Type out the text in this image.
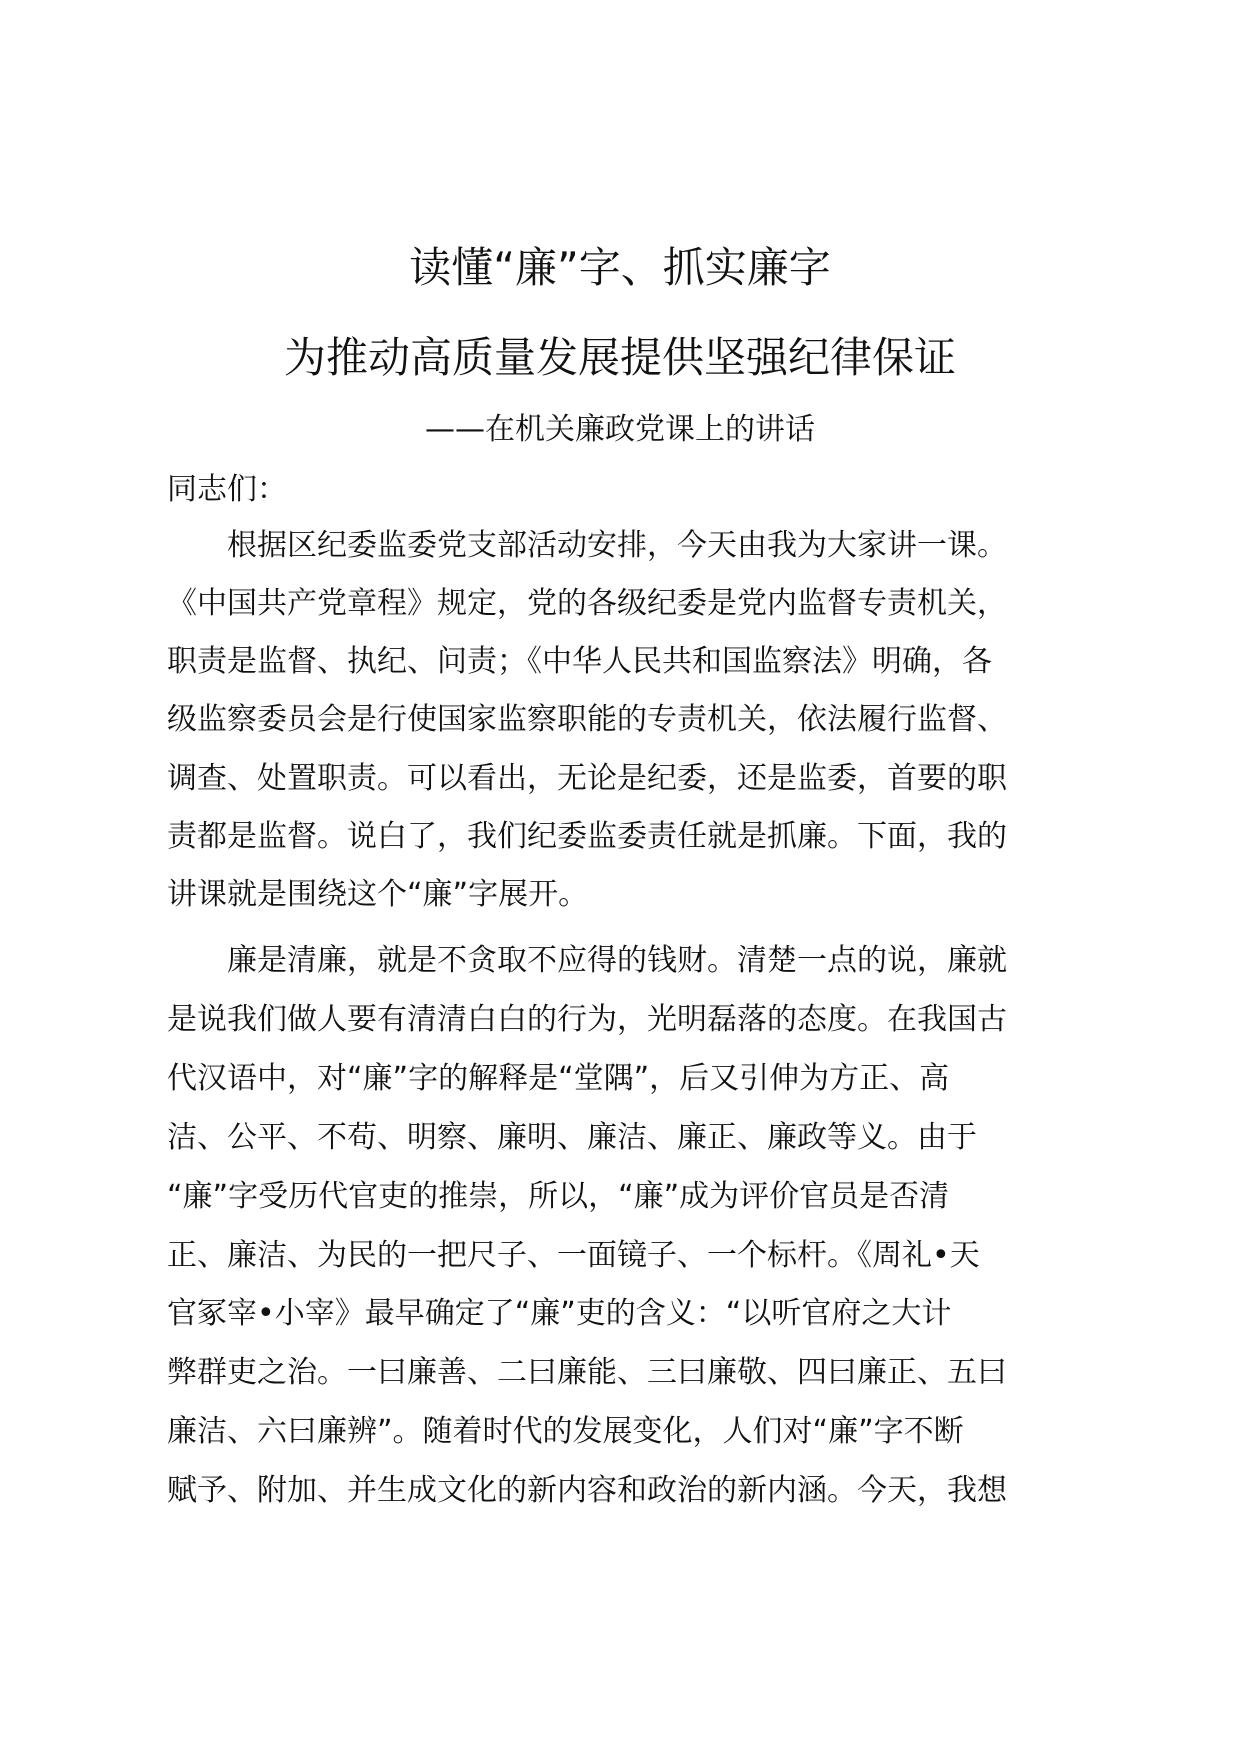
读懂“廉”字、抓实廉字
为推动高质量发展提供坚强纪律保证
——在机关廉政党课上的讲话
同志们：
　　根据区纪委监委党支部活动安排，今天由我为大家讲一课。
《中国共产党章程》规定，党的各级纪委是党内监督专责机关，
职责是监督、执纪、问责；《中华人民共和国监察法》明确，各
级监察委员会是行使国家监察职能的专责机关，依法履行监督、
调查、处置职责。可以看出，无论是纪委，还是监委，首要的职
责都是监督。说白了，我们纪委监委责任就是抓廉。下面，我的
讲课就是围绕这个“廉”字展开。
　　廉是清廉，就是不贪取不应得的钱财。清楚一点的说，廉就
是说我们做人要有清清白白的行为，光明磊落的态度。在我国古
代汉语中，对“廉”字的解释是“堂隅”，后又引伸为方正、高
洁、公平、不苟、明察、廉明、廉洁、廉正、廉政等义。由于
“廉”字受历代官吏的推崇，所以，“廉”成为评价官员是否清
正、廉洁、为民的一把尺子、一面镜子、一个标杆。《周礼•天
官冢宰•小宰》最早确定了“廉”吏的含义：“以听官府之大计
弊群吏之治。一曰廉善、二曰廉能、三曰廉敬、四曰廉正、五曰
廉洁、六曰廉辨”。随着时代的发展变化，人们对“廉”字不断
赋予、附加、并生成文化的新内容和政治的新内涵。今天，我想
